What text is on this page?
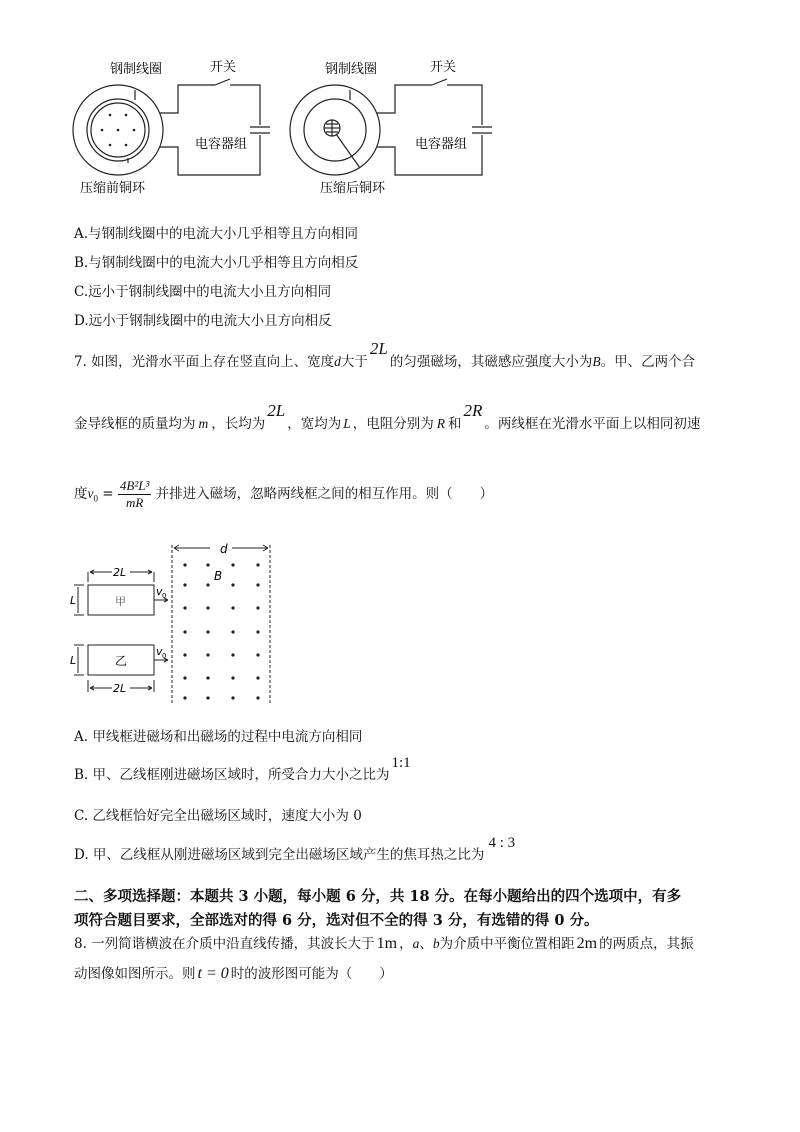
钢制线圈	开关
电容器组
压缩前铜环
钢制线圈	开关
电容器组
压缩后铜环
A.与钢制线圈中的电流大小几乎相等且方向相同
B.与钢制线圈中的电流大小几乎相等且方向相反
C.远小于钢制线圈中的电流大小且方向相同
D.远小于钢制线圈中的电流大小且方向相反
7. 如图，光滑水平面上存在竖直向上、宽度d大于2L的匀强磁场，其磁感应强度大小为B。甲、乙两个合
金导线框的质量均为 m ，长均为2L，宽均为 L ，电阻分别为 R 和2R。两线框在光滑水平面上以相同初速
度$v_0 = \frac{\text{4B²L³}}{mR}$ 并排进入磁场，忽略两线框之间的相互作用。则（　　）
d
B
2L
2L
L
L
甲
乙
v 0
v 0
A. 甲线框进磁场和出磁场的过程中电流方向相同
B. 甲、乙线框刚进磁场区域时，所受合力大小之比为1:1
C. 乙线框恰好完全出磁场区域时，速度大小为 0
D. 甲、乙线框从刚进磁场区域到完全出磁场区域产生的焦耳热之比为4 : 3
二、多项选择题：本题共 3 小题，每小题 6 分，共 18 分。在每小题给出的四个选项中，有多
项符合题目要求，全部选对的得 6 分，选对但不全的得 3 分，有选错的得 0 分。
8. 一列简谐横波在介质中沿直线传播，其波长大于 1m ，a、b为介质中平衡位置相距 2m 的两质点，其振
动图像如图所示。则 t = 0 时的波形图可能为（　　）
